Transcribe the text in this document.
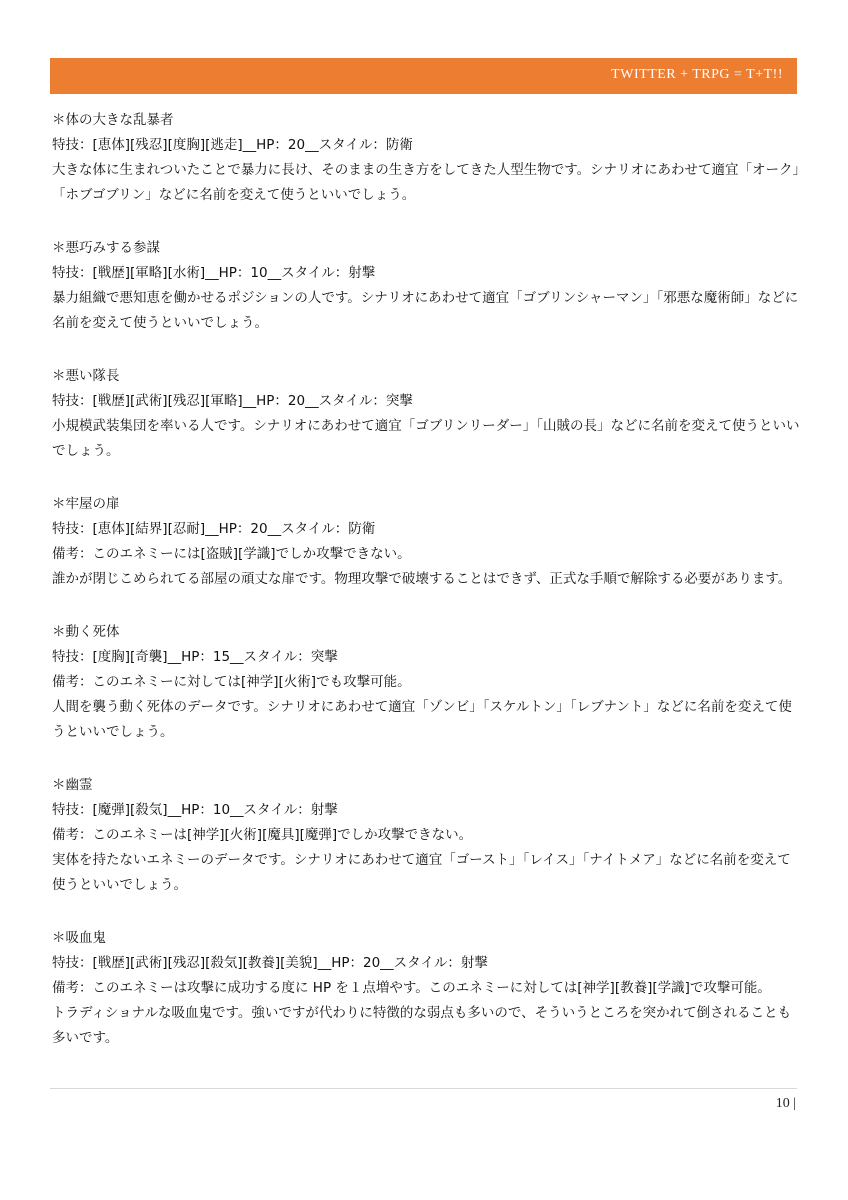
TWITTER + TRPG = T+T!!
＊体の大きな乱暴者
特技：[恵体][残忍][度胸][逃走]__HP：20__スタイル：防衛
大きな体に生まれついたことで暴力に長け、そのままの生き方をしてきた人型生物です。シナリオにあわせて適宜「オーク」「ホブゴブリン」などに名前を変えて使うといいでしょう。
＊悪巧みする参謀
特技：[戦歴][軍略][水術]__HP：10__スタイル：射撃
暴力組織で悪知恵を働かせるポジションの人です。シナリオにあわせて適宜「ゴブリンシャーマン」「邪悪な魔術師」などに名前を変えて使うといいでしょう。
＊悪い隊長
特技：[戦歴][武術][残忍][軍略]__HP：20__スタイル：突撃
小規模武装集団を率いる人です。シナリオにあわせて適宜「ゴブリンリーダー」「山賊の長」などに名前を変えて使うといいでしょう。
＊牢屋の扉
特技：[恵体][結界][忍耐]__HP：20__スタイル：防衛
備考：このエネミーには[盗賊][学識]でしか攻撃できない。
誰かが閉じこめられてる部屋の頑丈な扉です。物理攻撃で破壊することはできず、正式な手順で解除する必要があります。
＊動く死体
特技：[度胸][奇襲]__HP：15__スタイル：突撃
備考：このエネミーに対しては[神学][火術]でも攻撃可能。
人間を襲う動く死体のデータです。シナリオにあわせて適宜「ゾンビ」「スケルトン」「レブナント」などに名前を変えて使うといいでしょう。
＊幽霊
特技：[魔弾][殺気]__HP：10__スタイル：射撃
備考：このエネミーは[神学][火術][魔具][魔弾]でしか攻撃できない。
実体を持たないエネミーのデータです。シナリオにあわせて適宜「ゴースト」「レイス」「ナイトメア」などに名前を変えて使うといいでしょう。
＊吸血鬼
特技：[戦歴][武術][残忍][殺気][教養][美貌]__HP：20__スタイル：射撃
備考：このエネミーは攻撃に成功する度に HP を１点増やす。このエネミーに対しては[神学][教養][学識]で攻撃可能。
トラディショナルな吸血鬼です。強いですが代わりに特徴的な弱点も多いので、そういうところを突かれて倒されることも多いです。
10 |
